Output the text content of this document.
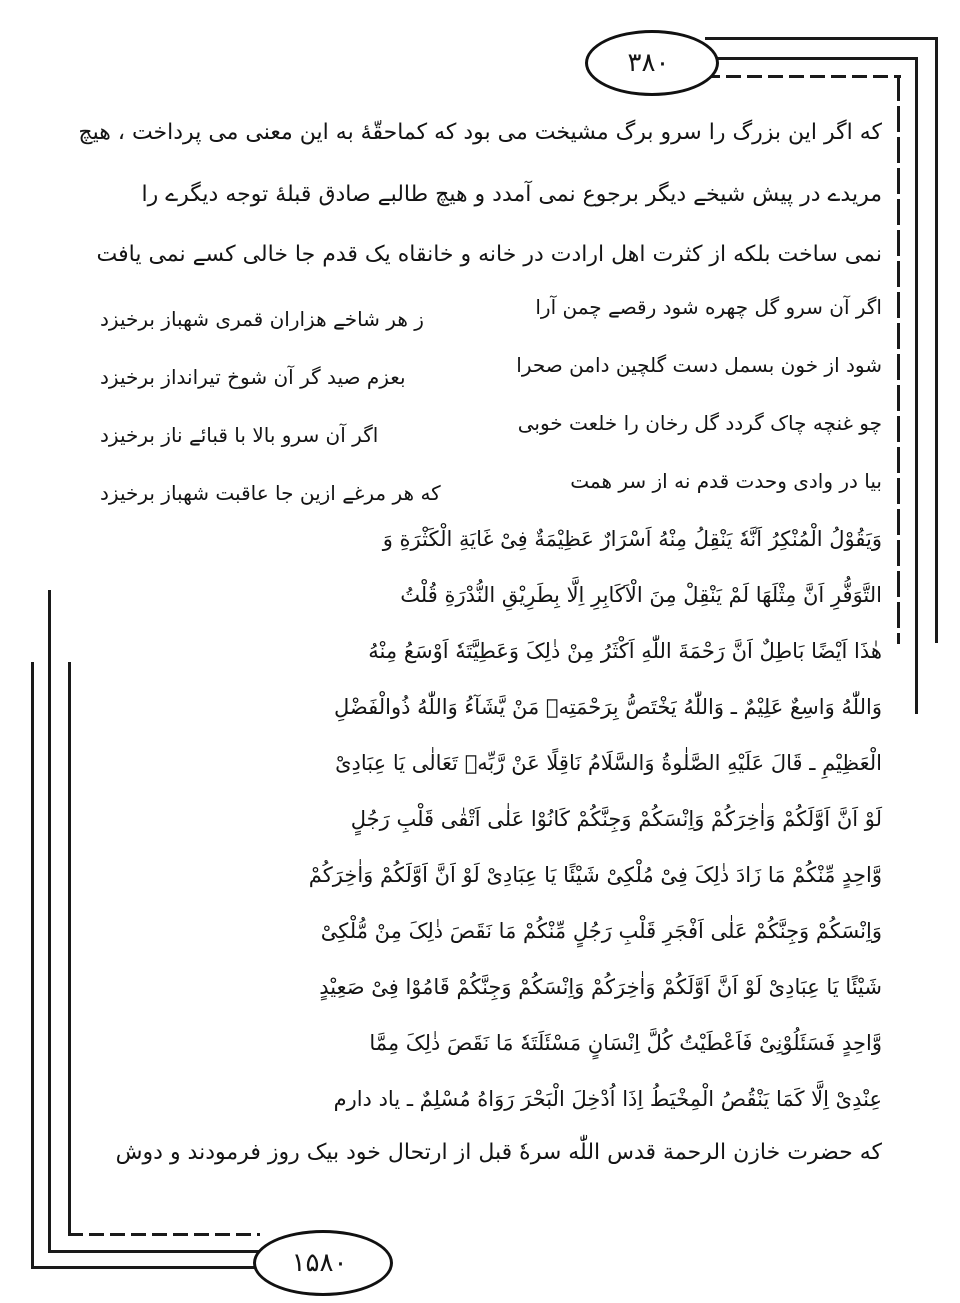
٣٨٠
١۵٨٠
که اگر این بزرگ را سرو برگ مشیخت می بود که کماحقّهٔ به این معنی می پرداخت ، هیچ
مریدے در پیش شیخے دیگر برجوع نمی آمدد و هیچ طالبے صادق قبلهٔ توجه دیگرے را
نمی ساخت بلکه از کثرت اهل ارادت در خانه و خانقاه یک قدم جا خالی کسے نمی یافت
اگر آن سرو گل چهره شود رقصے چمن آرا
ز هر شاخے هزاران قمری شهباز برخیزد
شود از خون بسمل دست گلچین دامن صحرا
بعزم صید گر آن شوخ تیرانداز برخیزد
چو غنچه چاک گردد گل رخان را خلعت خوبی
اگر آن سرو بالا با قبائے ناز برخیزد
بیا در وادی وحدت قدم نه از سر همت
که هر مرغے ازین جا عاقبت شهباز برخیزد
وَیَقُوْلُ الْمُنْکِرُ اَنَّهٗ یَنْقِلُ مِنْهُ اَسْرَارٌ عَظِیْمَةٌ فِیْ غَایَةِ الْکَثْرَةِ وَ
التَّوَفُّرِ اَنَّ مِثْلَهَا لَمْ یَنْقِلْ مِنَ الْاَکَابِرِ اِلَّا بِطَرِیْقِ النُّدْرَةِ قُلْتُ
هٰذَا اَیْضًا بَاطِلٌ اَنَّ رَحْمَةَ اللّٰهِ اَکْثَرُ مِنْ ذٰلِکَ وَعَطِیَّتَهٗ اَوْسَعُ مِنْهُ
وَاللّٰهُ وَاسِعٌ عَلِیْمٌ ـ وَاللّٰهُ یَخْتَصُّ بِرَحْمَتِهٖ مَنْ یَّشَآءُ وَاللّٰهُ ذُوالْفَضْلِ
الْعَظِیْمِ ـ قَالَ عَلَیْهِ الصَّلٰوةُ وَالسَّلَامُ نَاقِلًا عَنْ رَّبِّهٖ تَعَالٰی یَا عِبَادِیْ
لَوْ اَنَّ اَوَّلَکُمْ وَاٰخِرَکُمْ وَاِنْسَکُمْ وَجِنَّکُمْ کَانُوْا عَلٰی اَتْقٰی قَلْبِ رَجُلٍ
وَّاحِدٍ مِّنْکُمْ مَا زَادَ ذٰلِکَ فِیْ مُلْکِیْ شَیْئًا یَا عِبَادِیْ لَوْ اَنَّ اَوَّلَکُمْ وَاٰخِرَکُمْ
وَاِنْسَکُمْ وَجِنَّکُمْ عَلٰی اَفْجَرِ قَلْبِ رَجُلٍ مِّنْکُمْ مَا نَقَصَ ذٰلِکَ مِنْ مُّلْکِیْ
شَیْئًا یَا عِبَادِیْ لَوْ اَنَّ اَوَّلَکُمْ وَاٰخِرَکُمْ وَاِنْسَکُمْ وَجِنَّکُمْ قَامُوْا فِیْ صَعِیْدٍ
وَّاحِدٍ فَسَئَلُوْنِیْ فَاَعْطَیْتُ کُلَّ اِنْسَانٍ مَسْئَلَتَهٗ مَا نَقَصَ ذٰلِکَ مِمَّا
عِنْدِیْ اِلَّا کَمَا یَنْقُصُ الْمِخْیَطُ اِذَا اُدْخِلَ الْبَحْرَ رَوَاهُ مُسْلِمٌ ـ یاد دارم
که حضرت خازن الرحمة قدس اللّٰه سرهٗ قبل از ارتحال خود بیک روز فرمودند و دوش
